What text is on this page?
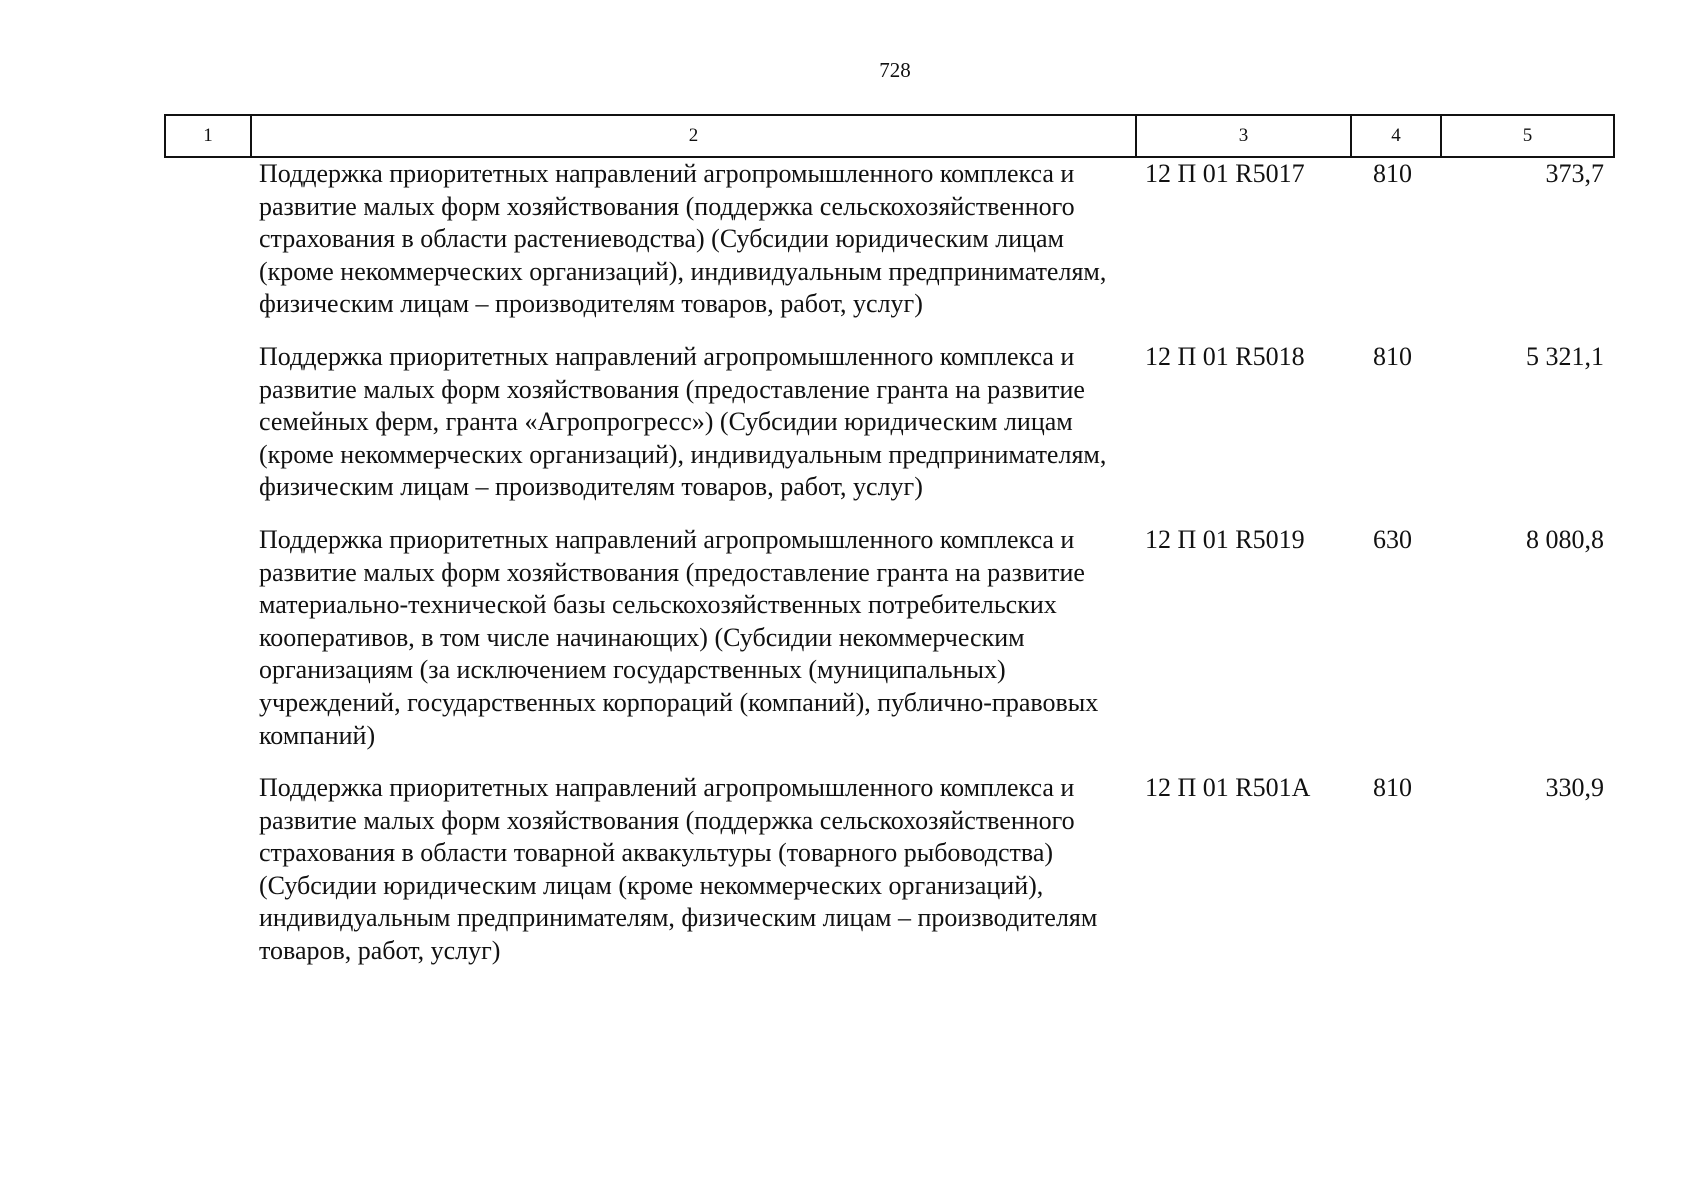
728
1	2	3	4	5
	Поддержка приоритетных направлений агропромышленного комплекса и развитие малых форм хозяйствования (поддержка сельскохозяйственного страхования в области растениеводства) (Субсидии юридическим лицам (кроме некоммерческих организаций), индивидуальным предпринимателям, физическим лицам – производителям товаров, работ, услуг)	12 П 01 R5017	810	373,7
	Поддержка приоритетных направлений агропромышленного комплекса и развитие малых форм хозяйствования (предоставление гранта на развитие семейных ферм, гранта «Агропрогресс») (Субсидии юридическим лицам (кроме некоммерческих организаций), индивидуальным предпринимателям, физическим лицам – производителям товаров, работ, услуг)	12 П 01 R5018	810	5 321,1
	Поддержка приоритетных направлений агропромышленного комплекса и развитие малых форм хозяйствования (предоставление гранта на развитие материально-технической базы сельскохозяйственных потребительских кооперативов, в том числе начинающих) (Субсидии некоммерческим организациям (за исключением государственных (муниципальных) учреждений, государственных корпораций (компаний), публично-правовых компаний)	12 П 01 R5019	630	8 080,8
	Поддержка приоритетных направлений агропромышленного комплекса и развитие малых форм хозяйствования (поддержка сельскохозяйственного страхования в области товарной аквакультуры (товарного рыбоводства) (Субсидии юридическим лицам (кроме некоммерческих организаций), индивидуальным предпринимателям, физическим лицам – производителям товаров, работ, услуг)	12 П 01 R501А	810	330,9
